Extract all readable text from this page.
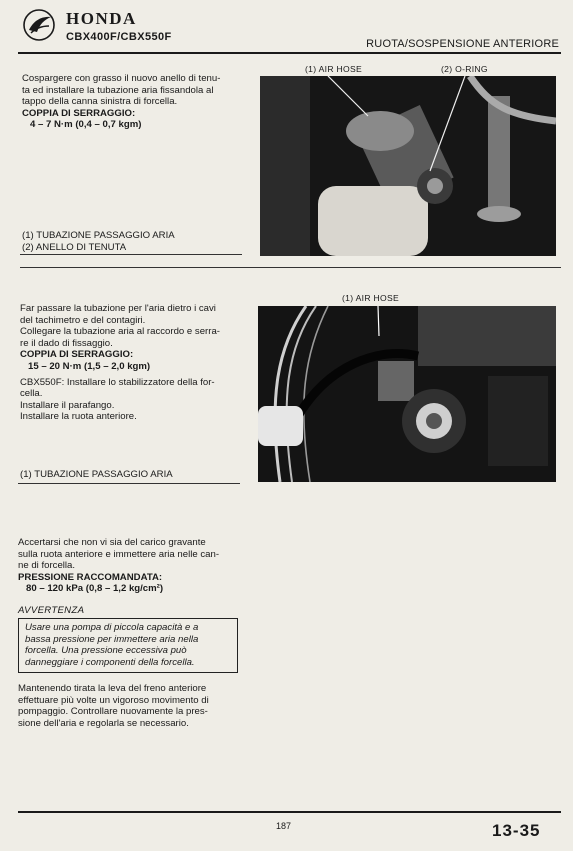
HONDA
CBX400F/CBX550F
RUOTA/SOSPENSIONE ANTERIORE

Cospargere con grasso il nuovo anello di tenu-

ta ed installare la tubazione aria fissandola al

tappo della canna sinistra di forcella.

COPPIA DI SERRAGGIO:

4 – 7 N·m (0,4 – 0,7 kgm)

(1) TUBAZIONE PASSAGGIO ARIA
(2) ANELLO DI TENUTA
(1) AIR HOSE	(2) O-RING

Far passare la tubazione per l'aria dietro i cavi

del tachimetro e del contagiri.

Collegare la tubazione aria al raccordo e serra-

re il dado di fissaggio.

COPPIA DI SERRAGGIO:

15 – 20 N·m (1,5 – 2,0 kgm)

CBX550F: Installare lo stabilizzatore della for-

cella.

Installare il parafango.

Installare la ruota anteriore.

(1) TUBAZIONE PASSAGGIO ARIA
(1) AIR HOSE

Accertarsi che non vi sia del carico gravante

sulla ruota anteriore e immettere aria nelle can-

ne di forcella.

PRESSIONE RACCOMANDATA:

80 – 120 kPa (0,8 – 1,2 kg/cm²)

AVVERTENZA
Usare una pompa di piccola capacità e a
bassa pressione per immettere aria nella
forcella. Una pressione eccessiva può
danneggiare i componenti della forcella.

Mantenendo tirata la leva del freno anteriore

effettuare più volte un vigoroso movimento di

pompaggio. Controllare nuovamente la pres-

sione dell'aria e regolarla se necessario.

187	13-35
